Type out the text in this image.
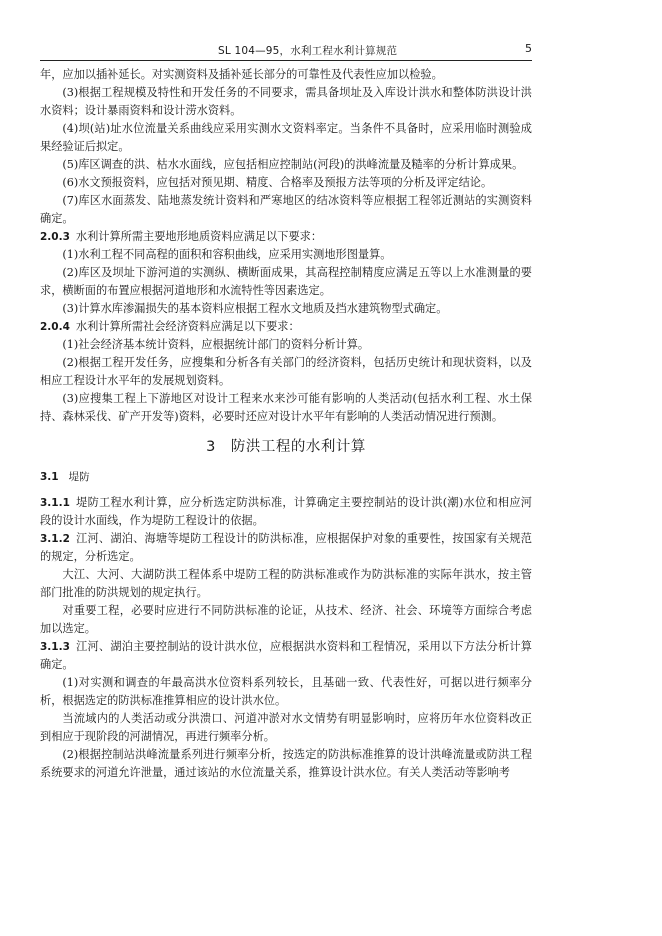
SL 104—95，水利工程水利计算规范	5

年，应加以插补延长。对实测资料及插补延长部分的可靠性及代表性应加以检验。

(3)根据工程规模及特性和开发任务的不同要求，需具备坝址及入库设计洪水和整体防洪设计洪水资料；设计暴雨资料和设计涝水资料。

(4)坝(站)址水位流量关系曲线应采用实测水文资料率定。当条件不具备时，应采用临时测验成果经验证后拟定。

(5)库区调查的洪、枯水水面线，应包括相应控制站(河段)的洪峰流量及糙率的分析计算成果。

(6)水文预报资料，应包括对预见期、精度、合格率及预报方法等项的分析及评定结论。

(7)库区水面蒸发、陆地蒸发统计资料和严寒地区的结冰资料等应根据工程邻近测站的实测资料确定。

2.0.3 水利计算所需主要地形地质资料应满足以下要求：

(1)水利工程不同高程的面积和容积曲线，应采用实测地形图量算。

(2)库区及坝址下游河道的实测纵、横断面成果，其高程控制精度应满足五等以上水准测量的要求，横断面的布置应根据河道地形和水流特性等因素选定。

(3)计算水库渗漏损失的基本资料应根据工程水文地质及挡水建筑物型式确定。

2.0.4 水利计算所需社会经济资料应满足以下要求：

(1)社会经济基本统计资料，应根据统计部门的资料分析计算。

(2)根据工程开发任务，应搜集和分析各有关部门的经济资料，包括历史统计和现状资料，以及相应工程设计水平年的发展规划资料。

(3)应搜集工程上下游地区对设计工程来水来沙可能有影响的人类活动(包括水利工程、水土保持、森林采伐、矿产开发等)资料，必要时还应对设计水平年有影响的人类活动情况进行预测。

3　防洪工程的水利计算
3.1 堤防

3.1.1 堤防工程水利计算，应分析选定防洪标准，计算确定主要控制站的设计洪(潮)水位和相应河段的设计水面线，作为堤防工程设计的依据。

3.1.2 江河、湖泊、海塘等堤防工程设计的防洪标准，应根据保护对象的重要性，按国家有关规范的规定，分析选定。

大江、大河、大湖防洪工程体系中堤防工程的防洪标准或作为防洪标准的实际年洪水，按主管部门批准的防洪规划的规定执行。

对重要工程，必要时应进行不同防洪标准的论证，从技术、经济、社会、环境等方面综合考虑加以选定。

3.1.3 江河、湖泊主要控制站的设计洪水位，应根据洪水资料和工程情况，采用以下方法分析计算确定。

(1)对实测和调查的年最高洪水位资料系列较长，且基础一致、代表性好，可据以进行频率分析，根据选定的防洪标准推算相应的设计洪水位。

当流域内的人类活动或分洪溃口、河道冲淤对水文情势有明显影响时，应将历年水位资料改正到相应于现阶段的河湖情况，再进行频率分析。

(2)根据控制站洪峰流量系列进行频率分析，按选定的防洪标准推算的设计洪峰流量或防洪工程系统要求的河道允许泄量，通过该站的水位流量关系，推算设计洪水位。有关人类活动等影响考
